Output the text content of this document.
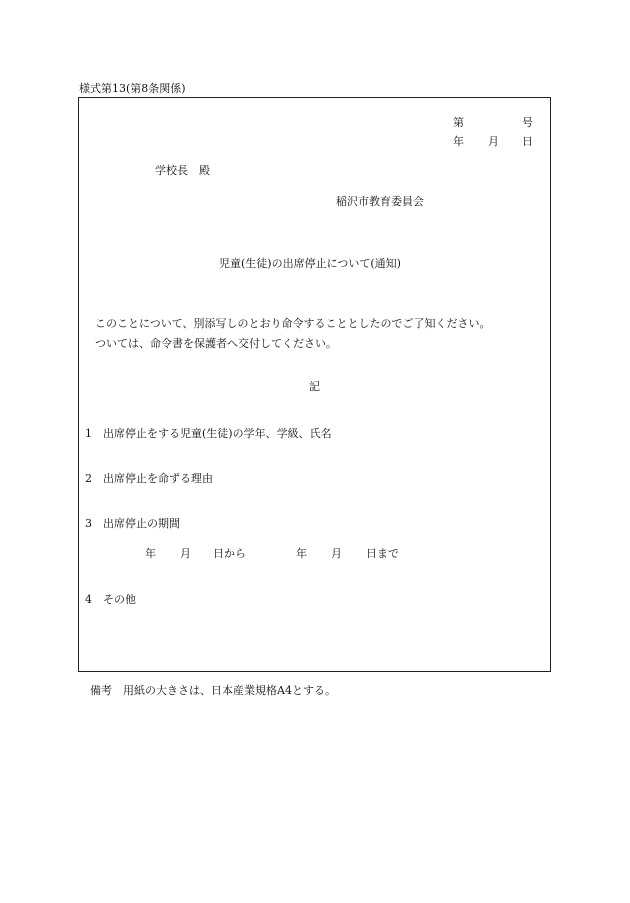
様式第13(第8条関係)
第	号
年 月 日
学校長　殿
稲沢市教育委員会
児童(生徒)の出席停止について(通知)
このことについて、別添写しのとおり命令することとしたのでご了知ください。
ついては、命令書を保護者へ交付してください。
記
1　出席停止をする児童(生徒)の学年、学級、氏名
2　出席停止を命ずる理由
3　出席停止の期間
年 月 日から	年 月 日まで
4　その他
備考　用紙の大きさは、日本産業規格A4とする。
